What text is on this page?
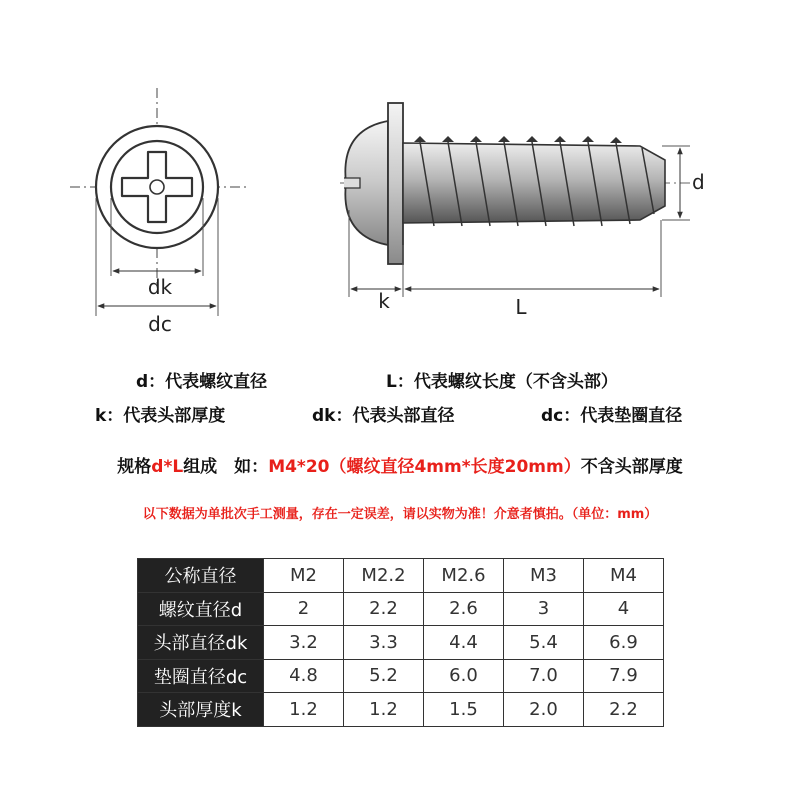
dk
dc
k	L
d
d：代表螺纹直径	L：代表螺纹长度（不含头部）
k：代表头部厚度	dk：代表头部直径	dc：代表垫圈直径
规格d*L组成　如：M4*20（螺纹直径4mm*长度20mm）不含头部厚度
以下数据为单批次手工测量，存在一定误差，请以实物为准！介意者慎拍。（单位：mm）
公称直径	M2	M2.2	M2.6	M3	M4
螺纹直径d	2	2.2	2.6	3	4
头部直径dk	3.2	3.3	4.4	5.4	6.9
垫圈直径dc	4.8	5.2	6.0	7.0	7.9
头部厚度k	1.2	1.2	1.5	2.0	2.2
